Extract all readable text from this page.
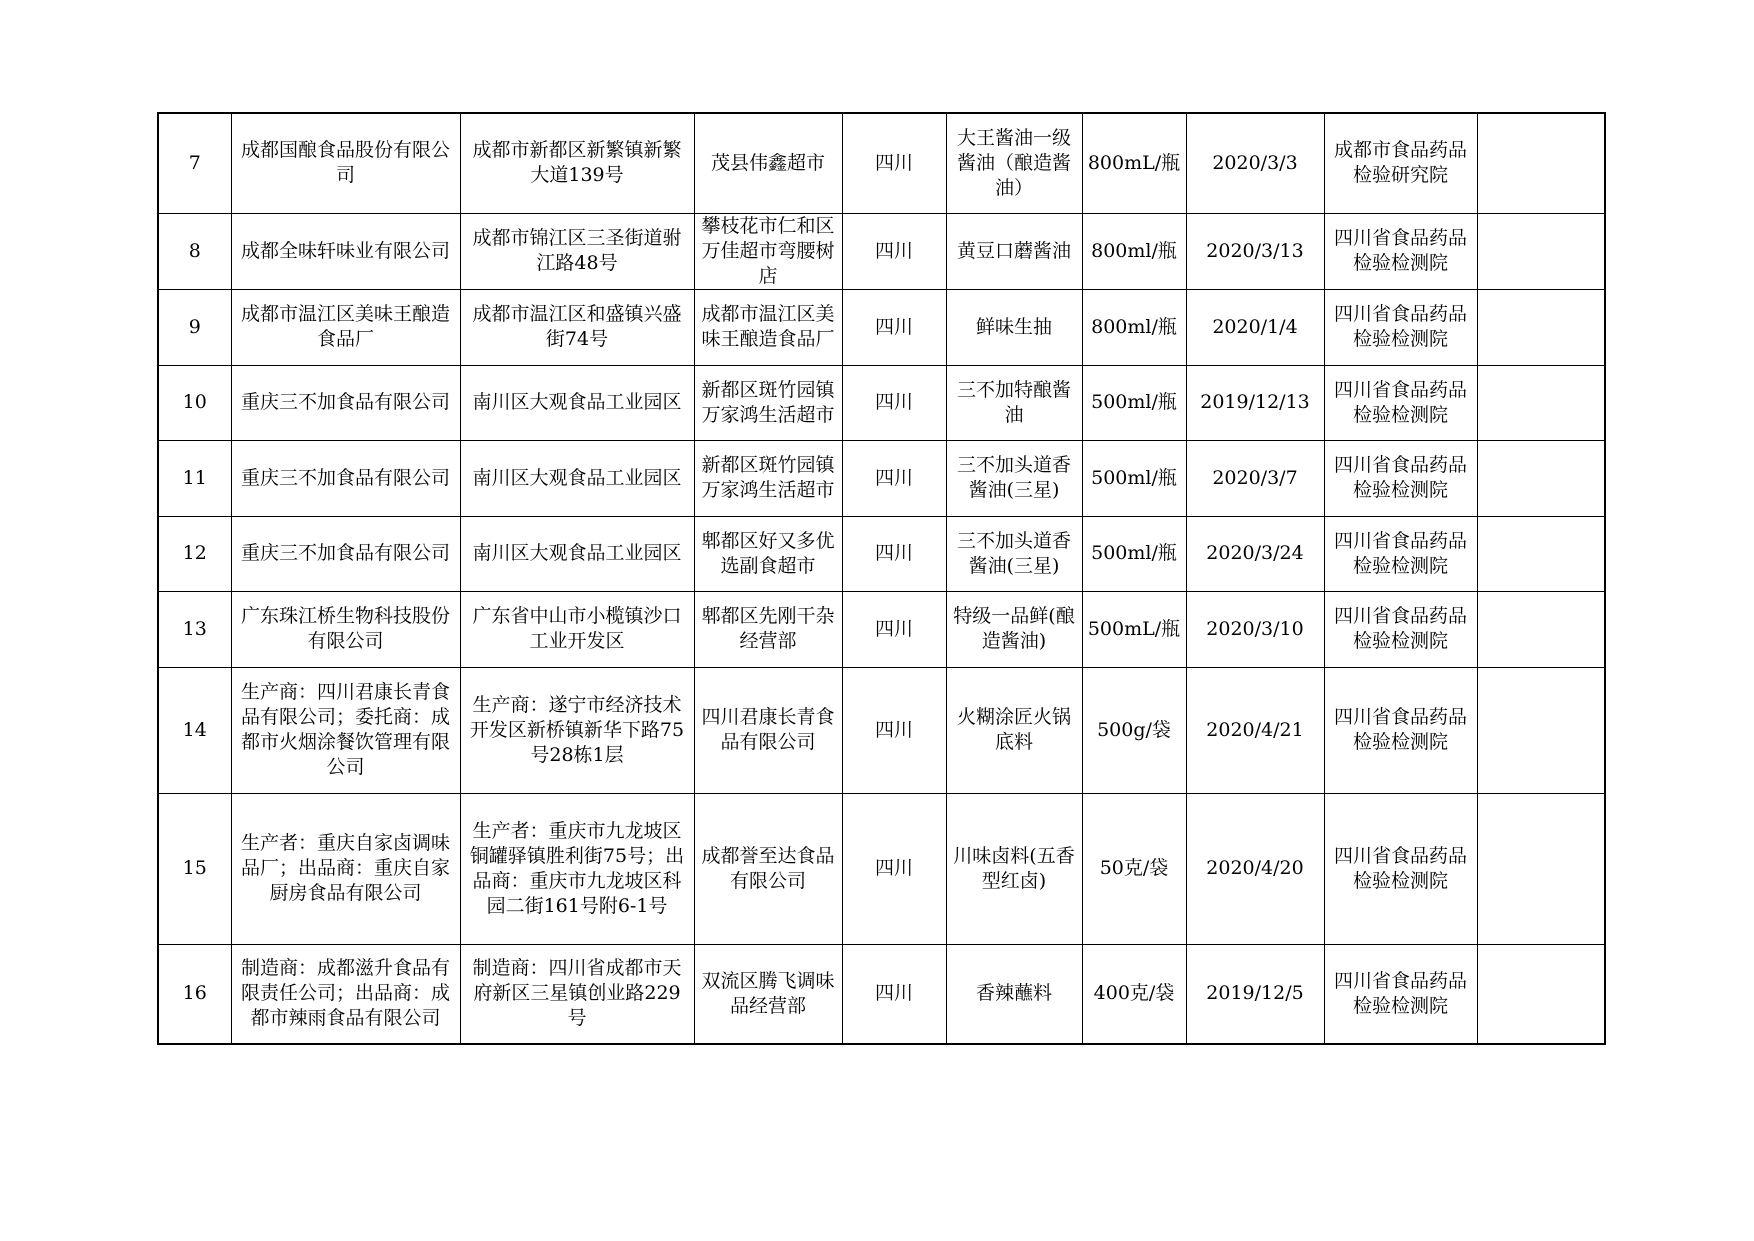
7	成都国酿食品股份有限公司	成都市新都区新繁镇新繁大道139号	茂县伟鑫超市	四川	大王酱油一级酱油（酿造酱油）	800mL/瓶	2020/3/3	成都市食品药品检验研究院	
8	成都全味轩味业有限公司	成都市锦江区三圣街道驸江路48号	攀枝花市仁和区万佳超市弯腰树店	四川	黄豆口蘑酱油	800ml/瓶	2020/3/13	四川省食品药品检验检测院	
9	成都市温江区美味王酿造食品厂	成都市温江区和盛镇兴盛街74号	成都市温江区美味王酿造食品厂	四川	鲜味生抽	800ml/瓶	2020/1/4	四川省食品药品检验检测院	
10	重庆三不加食品有限公司	南川区大观食品工业园区	新都区斑竹园镇万家鸿生活超市	四川	三不加特酿酱油	500ml/瓶	2019/12/13	四川省食品药品检验检测院	
11	重庆三不加食品有限公司	南川区大观食品工业园区	新都区斑竹园镇万家鸿生活超市	四川	三不加头道香酱油(三星)	500ml/瓶	2020/3/7	四川省食品药品检验检测院	
12	重庆三不加食品有限公司	南川区大观食品工业园区	郫都区好又多优选副食超市	四川	三不加头道香酱油(三星)	500ml/瓶	2020/3/24	四川省食品药品检验检测院	
13	广东珠江桥生物科技股份有限公司	广东省中山市小榄镇沙口工业开发区	郫都区先刚干杂经营部	四川	特级一品鲜(酿造酱油)	500mL/瓶	2020/3/10	四川省食品药品检验检测院	
14	生产商：四川君康长青食品有限公司；委托商：成都市火烟涂餐饮管理有限公司	生产商：遂宁市经济技术开发区新桥镇新华下路75号28栋1层	四川君康长青食品有限公司	四川	火糊涂匠火锅底料	500g/袋	2020/4/21	四川省食品药品检验检测院	
15	生产者：重庆自家卤调味品厂；出品商：重庆自家厨房食品有限公司	生产者：重庆市九龙坡区铜罐驿镇胜利街75号；出品商：重庆市九龙坡区科园二街161号附6-1号	成都誉至达食品有限公司	四川	川味卤料(五香型红卤)	50克/袋	2020/4/20	四川省食品药品检验检测院	
16	制造商：成都滋升食品有限责任公司；出品商：成都市辣雨食品有限公司	制造商：四川省成都市天府新区三星镇创业路229号	双流区腾飞调味品经营部	四川	香辣蘸料	400克/袋	2019/12/5	四川省食品药品检验检测院	
